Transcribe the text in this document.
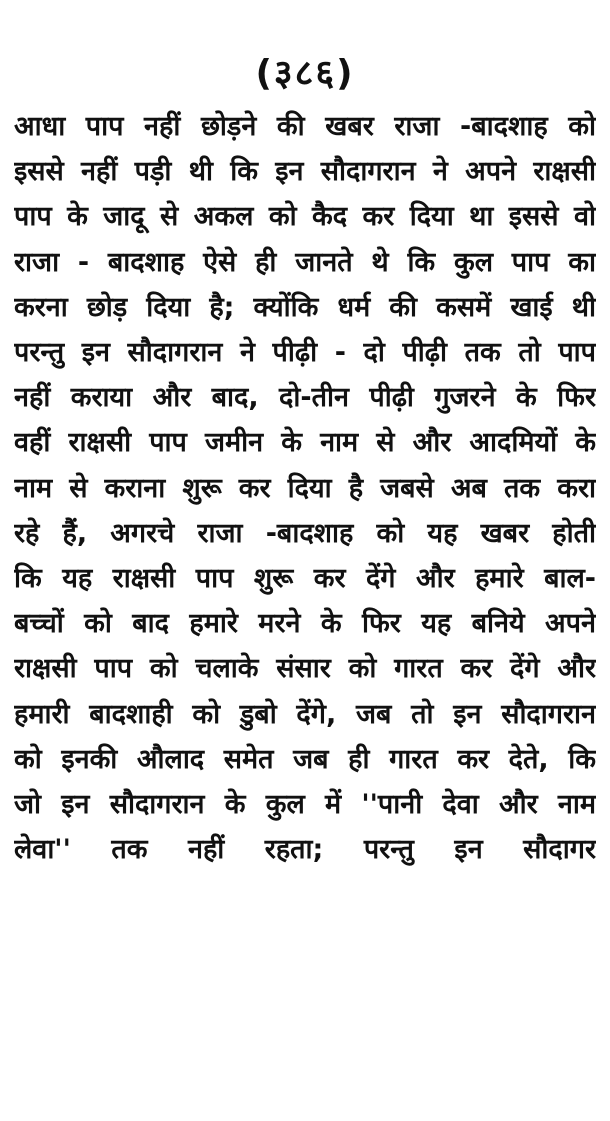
(३८६)
आधा पाप नहीं छोड़ने की खबर राजा -बादशाह को
इससे नहीं पड़ी थी कि इन सौदागरान ने अपने राक्षसी
पाप के जादू से अकल को कैद कर दिया था इससे वो
राजा - बादशाह ऐसे ही जानते थे कि कुल पाप का
करना छोड़ दिया है; क्योंकि धर्म की कसमें खाई थी
परन्तु इन सौदागरान ने पीढ़ी - दो पीढ़ी तक तो पाप
नहीं कराया और बाद, दो-तीन पीढ़ी गुजरने के फिर
वहीं राक्षसी पाप जमीन के नाम से और आदमियों के
नाम से कराना शुरू कर दिया है जबसे अब तक करा
रहे हैं, अगरचे राजा -बादशाह को यह खबर होती
कि यह राक्षसी पाप शुरू कर देंगे और हमारे बाल-
बच्चों को बाद हमारे मरने के फिर यह बनिये अपने
राक्षसी पाप को चलाके संसार को गारत कर देंगे और
हमारी बादशाही को डुबो देंगे, जब तो इन सौदागरान
को इनकी औलाद समेत जब ही गारत कर देते, कि
जो इन सौदागरान के कुल में ''पानी देवा और नाम
लेवा'' तक नहीं रहता; परन्तु इन सौदागर
